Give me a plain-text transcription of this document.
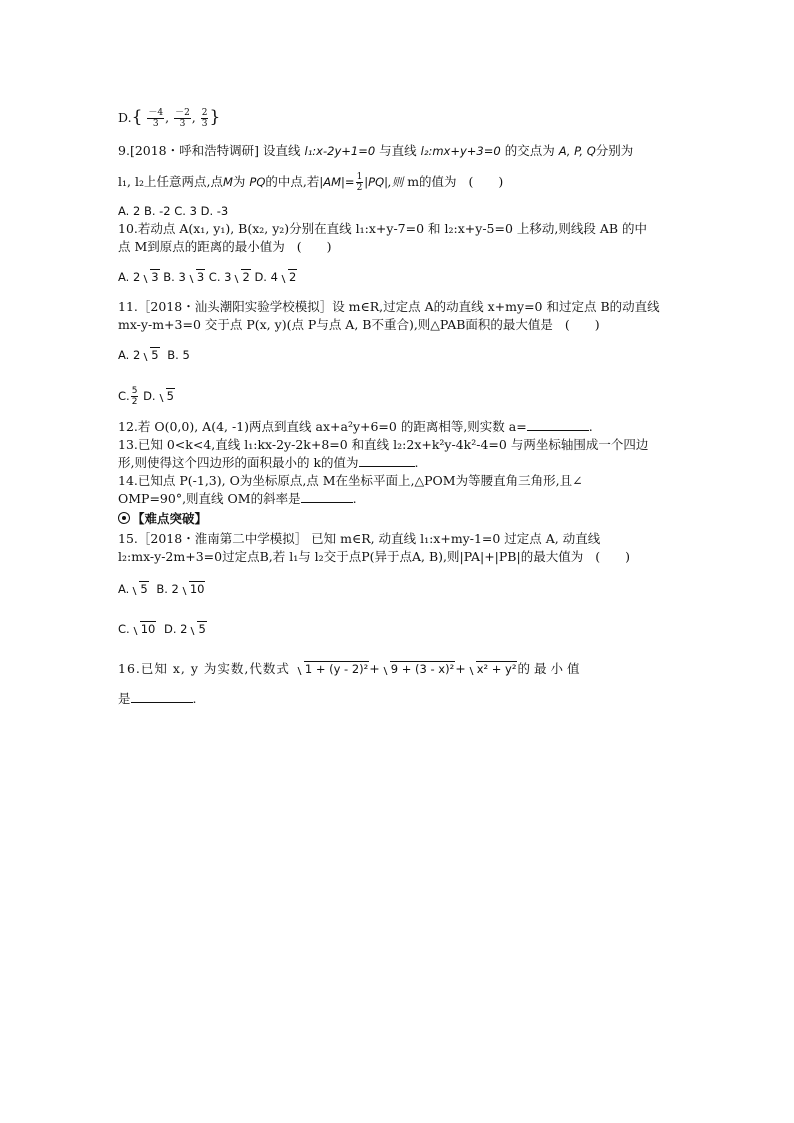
$D.\{ \frac{-4}{3}$ , $\frac{-2}{3}$ , $\frac{2}{3}$ }
9.[2018・呼和浩特调研] 设直线 l₁:x-2y+1=0 与直线 l₂:mx+y+3=0 的交点为 A, P, Q分别为
l₁, l₂上任意两点,点M为 PQ的中点,若$|AM|= \frac{1}{2} |PQ|$,则 m的值为 (　　)
A. 2 B. -2 C. 3 D. -3
10.若动点 A(x₁, y₁), B(x₂, y₂)分别在直线 l₁:x+y-7=0 和 l₂:x+y-5=0 上移动,则线段 AB 的中
点 M到原点的距离的最小值为 (　　)
A. 2 3 B. 3 3 C. 3 2 D. 4 2
11.［2018・汕头潮阳实验学校模拟］设 m∈R,过定点 A的动直线 x+my=0 和过定点 B的动直线
mx-y-m+3=0 交于点 P(x, y)(点 P与点 A, B不重合),则△PAB面积的最大值是 (　　)
A. 2 5 B. 5
C. $\frac{5}{2} D$. 5
12.若 O(0,0), A(4, -1)两点到直线 ax+a²y+6=0 的距离相等,则实数 a=	.
13.已知 0<k<4,直线 l₁:kx-2y-2k+8=0 和直线 l₂:2x+k²y-4k²-4=0 与两坐标轴围成一个四边
形,则使得这个四边形的面积最小的 k的值为	.
14.已知点 P(-1,3), O为坐标原点,点 M在坐标平面上,△POM为等腰直角三角形,且∠
OMP=90°,则直线 OM的斜率是	.
【难点突破】
15.［2018・淮南第二中学模拟］ 已知 m∈R, 动直线 l₁:x+my-1=0 过定点 A, 动直线
l₂:mx-y-2m+3=0过定点B,若 l₁与 l₂交于点P(异于点A, B),则|PA|+|PB|的最大值为 (　　)
A. 5 B. 2 10
C. 10 D. 2 5
16.已知 x, y 为实数,代数式 1 + (y - 2)²+ 9 + (3 - x)²+ x² + y²的最小值
是	.
